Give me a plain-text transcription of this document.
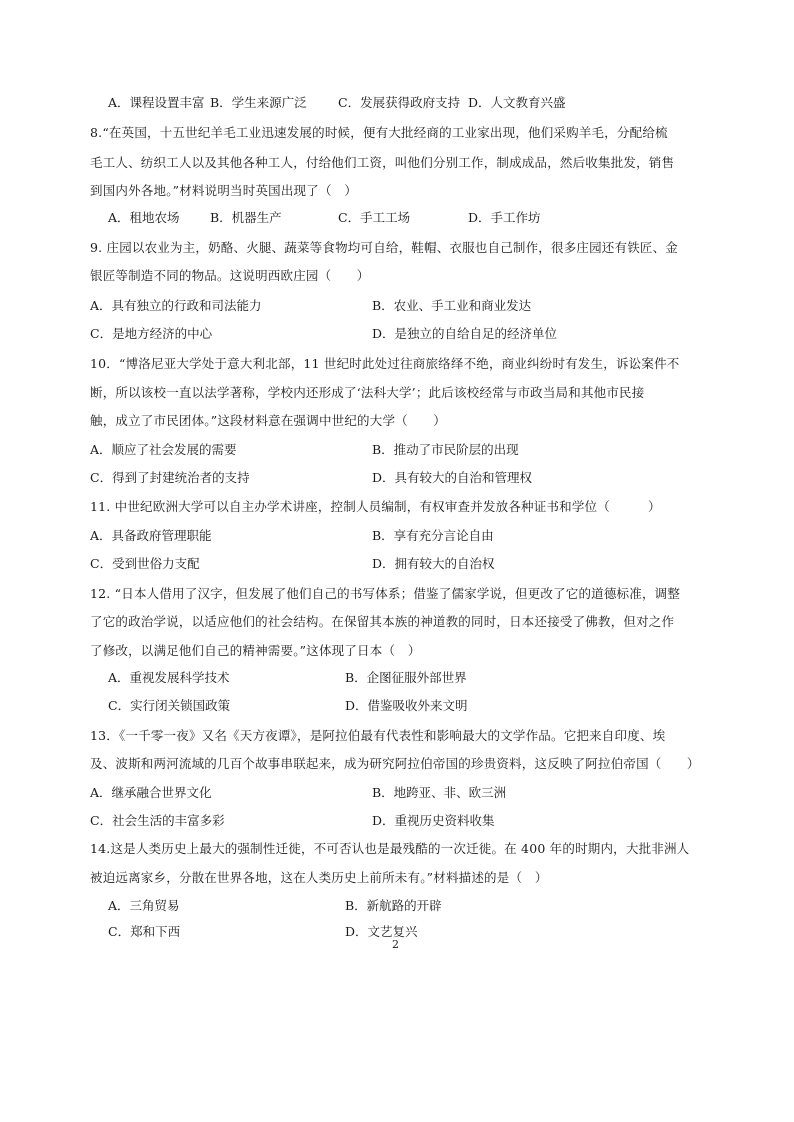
A．课程设置丰富 B．学生来源广泛	C．发展获得政府支持 D．人文教育兴盛
8.“在英国，十五世纪羊毛工业迅速发展的时候，便有大批经商的工业家出现，他们采购羊毛，分配给梳
毛工人、纺织工人以及其他各种工人，付给他们工资，叫他们分别工作，制成成品，然后收集批发，销售
到国内外各地。”材料说明当时英国出现了（　）
A．租地农场 B．机器生产	C．手工工场	D．手工作坊
9. 庄园以农业为主，奶酪、火腿、蔬菜等食物均可自给，鞋帽、衣服也自己制作，很多庄园还有铁匠、金
银匠等制造不同的物品。这说明西欧庄园（　　）
A．具有独立的行政和司法能力	B．农业、手工业和商业发达
C．是地方经济的中心	D．是独立的自给自足的经济单位
10．“博洛尼亚大学处于意大利北部，11 世纪时此处过往商旅络绎不绝，商业纠纷时有发生，诉讼案件不
断，所以该校一直以法学著称，学校内还形成了‘法科大学’；此后该校经常与市政当局和其他市民接
触，成立了市民团体。”这段材料意在强调中世纪的大学（　　）
A．顺应了社会发展的需要	B．推动了市民阶层的出现
C．得到了封建统治者的支持	D．具有较大的自治和管理权
11. 中世纪欧洲大学可以自主办学术讲座，控制人员编制，有权审查并发放各种证书和学位（　　　）
A．具备政府管理职能	B．享有充分言论自由
C．受到世俗力支配	D．拥有较大的自治权
12. “日本人借用了汉字，但发展了他们自己的书写体系；借鉴了儒家学说，但更改了它的道德标准，调整
了它的政治学说，以适应他们的社会结构。在保留其本族的神道教的同时，日本还接受了佛教，但对之作
了修改，以满足他们自己的精神需要。”这体现了日本（　）
A．重视发展科学技术	B．企图征服外部世界
C．实行闭关锁国政策	D．借鉴吸收外来文明
13．《一千零一夜》又名《天方夜谭》，是阿拉伯最有代表性和影响最大的文学作品。它把来自印度、埃
及、波斯和两河流域的几百个故事串联起来，成为研究阿拉伯帝国的珍贵资料，这反映了阿拉伯帝国（　　）
A．继承融合世界文化	B．地跨亚、非、欧三洲
C．社会生活的丰富多彩	D．重视历史资料收集
14.这是人类历史上最大的强制性迁徙，不可否认也是最残酷的一次迁徙。在 400 年的时期内，大批非洲人
被迫远离家乡，分散在世界各地，这在人类历史上前所未有。”材料描述的是（　）
A．三角贸易	B．新航路的开辟
C．郑和下西	D．文艺复兴
2
